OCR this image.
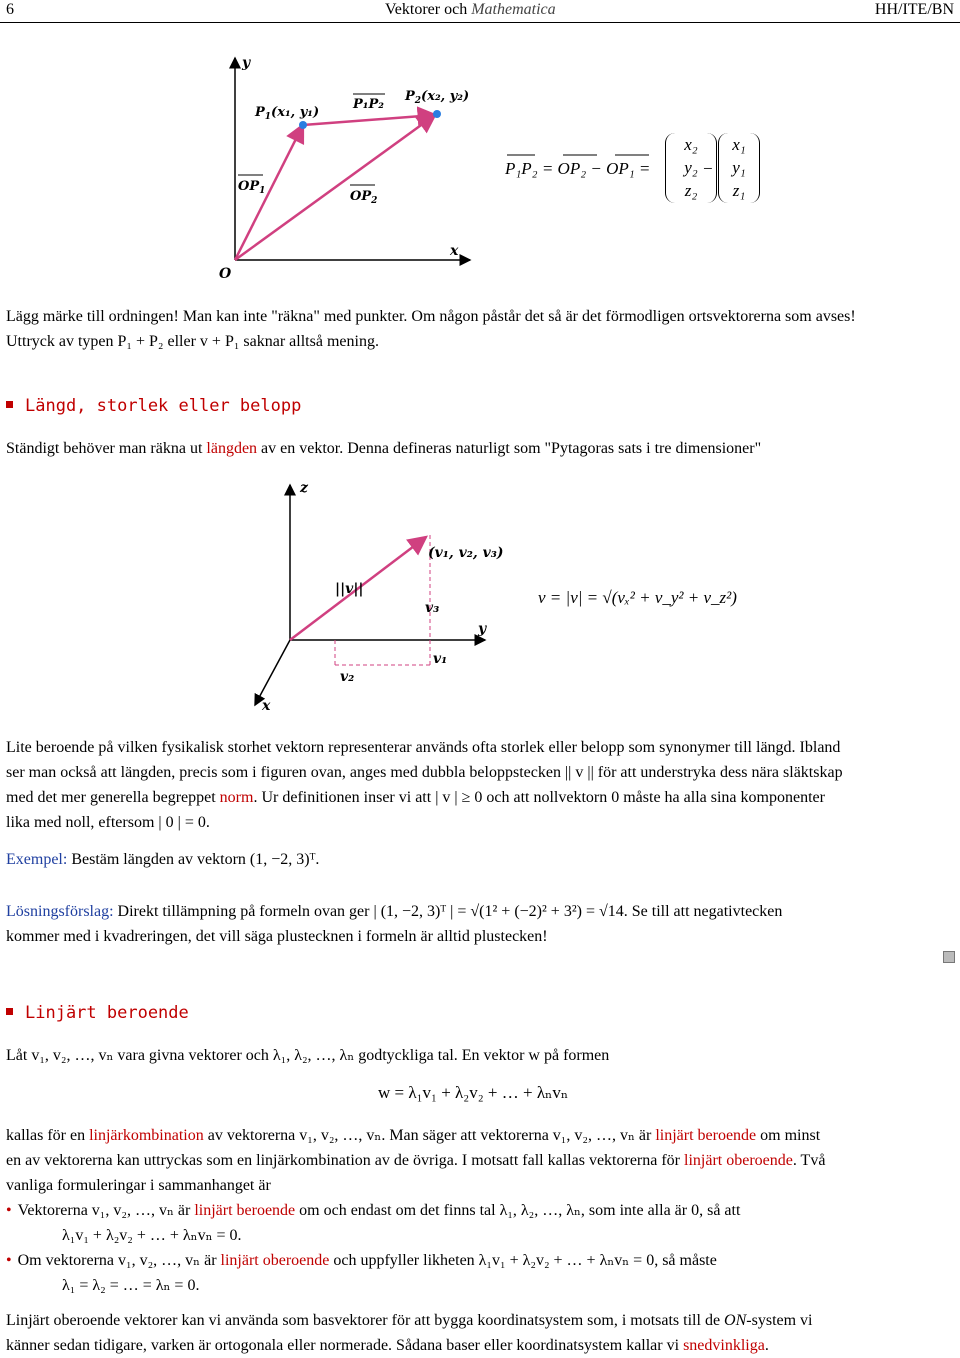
6	Vektorer och Mathematica	HH/ITE/BN
y
x
O
$P_1(x_1$, y₁)
$P_2(x_2$, y₂)
P₁P₂
$OP_1$	$OP_2$
P₁P₂ = OP₂ − OP₁ =
x₂
y₂
z₂
−
x₁
y₁
z₁
Lägg märke till ordningen! Man kan inte "räkna" med punkter. Om någon påstår det så är det förmodligen ortsvektorerna som avses!
Uttryck av typen P₁ + P₂ eller v + P₁ saknar alltså mening.
Längd, storlek eller belopp
Ständigt behöver man räkna ut längden av en vektor. Denna defineras naturligt som "Pytagoras sats i tre dimensioner"
z
y
x
(v₁, v₂, v₃)
||v||
v₃
v₁
v₂
v = |v| = √(vₓ² + v_y² + v_z²)
Lite beroende på vilken fysikalisk storhet vektorn representerar används ofta storlek eller belopp som synonymer till längd. Ibland
ser man också att längden, precis som i figuren ovan, anges med dubbla beloppstecken || v || för att understryka dess nära släktskap
med det mer generella begreppet norm. Ur definitionen inser vi att | v | ≥ 0 och att nollvektorn 0 måste ha alla sina komponenter
lika med noll, eftersom | 0 | = 0.
Exempel: Bestäm längden av vektorn (1, −2, 3)ᵀ.
Lösningsförslag: Direkt tillämpning på formeln ovan ger | (1, −2, 3)ᵀ | = √(1² + (−2)² + 3²) = √14. Se till att negativtecken
kommer med i kvadreringen, det vill säga plustecknen i formeln är alltid plustecken!
Linjärt beroende
Låt v₁, v₂, …, vₙ vara givna vektorer och λ₁, λ₂, …, λₙ godtyckliga tal. En vektor w på formen
w = λ₁v₁ + λ₂v₂ + … + λₙvₙ
kallas för en linjärkombination av vektorerna v₁, v₂, …, vₙ. Man säger att vektorerna v₁, v₂, …, vₙ är linjärt beroende om minst
en av vektorerna kan uttryckas som en linjärkombination av de övriga. I motsatt fall kallas vektorerna för linjärt oberoende. Två
vanliga formuleringar i sammanhanget är
• Vektorerna v₁, v₂, …, vₙ är linjärt beroende om och endast om det finns tal λ₁, λ₂, …, λₙ, som inte alla är 0, så att
λ₁v₁ + λ₂v₂ + … + λₙvₙ = 0.
• Om vektorerna v₁, v₂, …, vₙ är linjärt oberoende och uppfyller likheten λ₁v₁ + λ₂v₂ + … + λₙvₙ = 0, så måste
λ₁ = λ₂ = … = λₙ = 0.
Linjärt oberoende vektorer kan vi använda som basvektorer för att bygga koordinatsystem som, i motsats till de ON-system vi
känner sedan tidigare, varken är ortogonala eller normerade. Sådana baser eller koordinatsystem kallar vi snedvinkliga.
